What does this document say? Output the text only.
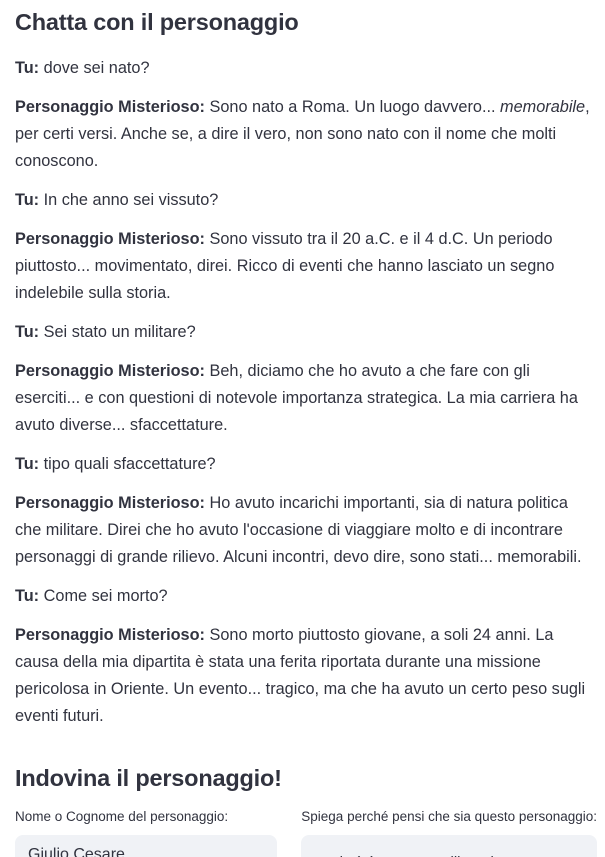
Chatta con il personaggio

Tu: dove sei nato?

Personaggio Misterioso: Sono nato a Roma. Un luogo davvero... memorabile, per certi versi. Anche se, a dire il vero, non sono nato con il nome che molti conoscono.

Tu: In che anno sei vissuto?

Personaggio Misterioso: Sono vissuto tra il 20 a.C. e il 4 d.C. Un periodo piuttosto... movimentato, direi. Ricco di eventi che hanno lasciato un segno indelebile sulla storia.

Tu: Sei stato un militare?

Personaggio Misterioso: Beh, diciamo che ho avuto a che fare con gli eserciti... e con questioni di notevole importanza strategica. La mia carriera ha avuto diverse... sfaccettature.

Tu: tipo quali sfaccettature?

Personaggio Misterioso: Ho avuto incarichi importanti, sia di natura politica che militare. Direi che ho avuto l'occasione di viaggiare molto e di incontrare personaggi di grande rilievo. Alcuni incontri, devo dire, sono stati... memorabili.

Tu: Come sei morto?

Personaggio Misterioso: Sono morto piuttosto giovane, a soli 24 anni. La causa della mia dipartita è stata una ferita riportata durante una missione pericolosa in Oriente. Un evento... tragico, ma che ha avuto un certo peso sugli eventi futuri.

Indovina il personaggio!
Nome o Cognome del personaggio:
Giulio Cesare	Spiega perché pensi che sia questo personaggio:
Perhcè è stato un militare importante della storia romana tra repubblica e impero.
